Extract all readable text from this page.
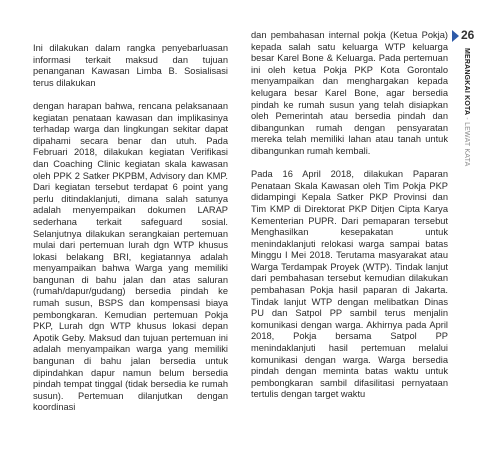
Ini dilakukan dalam rangka penyebarluasan informasi terkait maksud dan tujuan penanganan Kawasan Limba B. Sosialisasi terus dilakukan

dengan harapan bahwa, rencana pelaksanaan kegiatan penataan kawasan dan implikasinya terhadap warga dan lingkungan sekitar dapat dipahami secara benar dan utuh. Pada Februari 2018, dilakukan kegiatan Verifikasi dan Coaching Clinic kegiatan skala kawasan oleh PPK 2 Satker PKPBM, Advisory dan KMP. Dari kegiatan tersebut terdapat 6 point yang perlu ditindaklanjuti, dimana salah satunya adalah menyempaikan dokumen LARAP sederhana terkait safeguard sosial. Selanjutnya dilakukan serangkaian pertemuan mulai dari pertemuan lurah dgn WTP khusus lokasi belakang BRI, kegiatannya adalah menyampaikan bahwa Warga yang memiliki bangunan di bahu jalan dan atas saluran (rumah/dapur/gudang) bersedia pindah ke rumah susun, BSPS dan kompensasi biaya pembongkaran. Kemudian pertemuan Pokja PKP, Lurah dgn WTP khusus lokasi depan Apotik Geby. Maksud dan tujuan pertemuan ini adalah menyampaikan warga yang memiliki bangunan di bahu jalan bersedia untuk dipindahkan dapur namun belum bersedia pindah tempat tinggal (tidak bersedia ke rumah susun). Pertemuan dilanjutkan dengan koordinasi

dan pembahasan internal pokja (Ketua Pokja) kepada salah satu keluarga WTP keluarga besar Karel Bone & Keluarga. Pada pertemuan ini oleh ketua Pokja PKP Kota Gorontalo menyampaikan dan menghargakan kepada kelugara besar Karel Bone, agar bersedia pindah ke rumah susun yang telah disiapkan oleh Pemerintah atau bersedia pindah dan dibangunkan rumah dengan pensyaratan mereka telah memiliki lahan atau tanah untuk dibangunkan rumah kembali.

Pada 16 April 2018, dilakukan Paparan Penataan Skala Kawasan oleh Tim Pokja PKP didampingi Kepala Satker PKP Provinsi dan Tim KMP di Direktorat PKP Ditjen Cipta Karya Kementerian PUPR. Dari pemaparan tersebut Menghasilkan kesepakatan untuk menindaklanjuti relokasi warga sampai batas Minggu I Mei 2018. Terutama masyarakat atau Warga Terdampak Proyek (WTP). Tindak lanjut dari pembahasan tersebut kemudian dilakukan pembahasan Pokja hasil paparan di Jakarta. Tindak lanjut WTP dengan melibatkan Dinas PU dan Satpol PP sambil terus menjalin komunikasi dengan warga. Akhirnya pada April 2018, Pokja bersama Satpol PP menindaklanjuti hasil pertemuan melalui komunikasi dengan warga. Warga bersedia pindah dengan meminta batas waktu untuk pembongkaran sambil difasilitasi pernyataan tertulis dengan target waktu

26
MERANGKAI KOTA - LEWAT KATA
